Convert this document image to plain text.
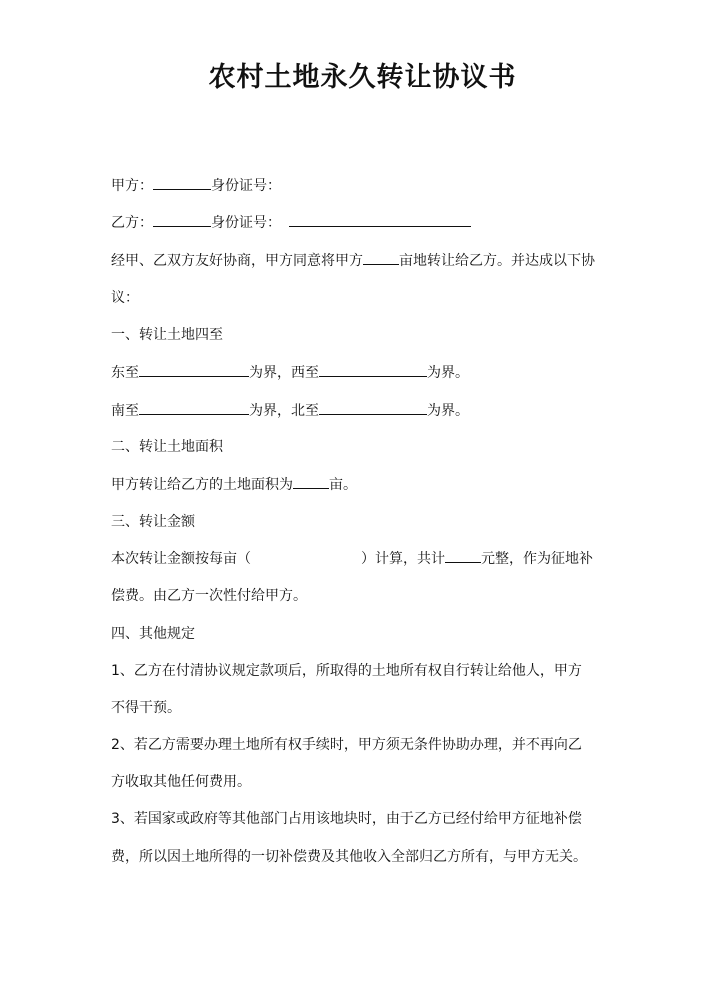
农村土地永久转让协议书
甲方：	身份证号：
乙方：	身份证号：
经甲、乙双方友好协商，甲方同意将甲方	亩地转让给乙方。并达成以下协
议：
一、转让土地四至
东至	为界，西至	为界。
南至	为界，北至	为界。
二、转让土地面积
甲方转让给乙方的土地面积为	亩。
三、转让金额
本次转让金额按每亩（	）计算，共计	元整，作为征地补
偿费。由乙方一次性付给甲方。
四、其他规定
1、乙方在付清协议规定款项后，所取得的土地所有权自行转让给他人，甲方
不得干预。
2、若乙方需要办理土地所有权手续时，甲方须无条件协助办理，并不再向乙
方收取其他任何费用。
3、若国家或政府等其他部门占用该地块时，由于乙方已经付给甲方征地补偿
费，所以因土地所得的一切补偿费及其他收入全部归乙方所有，与甲方无关。
